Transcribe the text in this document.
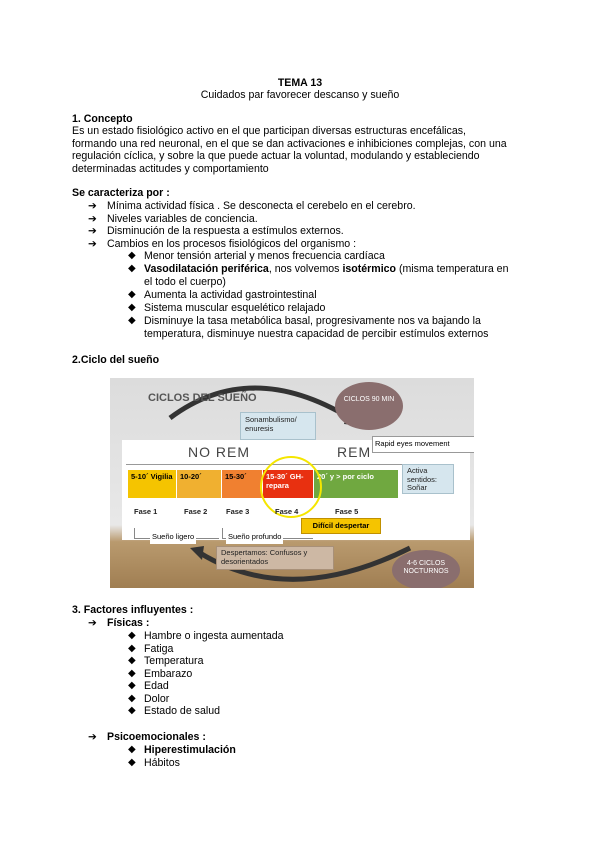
TEMA 13
Cuidados par favorecer descanso y sueño
1. Concepto
Es un estado fisiológico activo en el que participan diversas estructuras encefálicas,
formando una red neuronal, en el que se dan activaciones e inhibiciones complejas, con una
regulación cíclica, y sobre la que puede actuar la voluntad, modulando y estableciendo
determinadas actitudes y comportamiento
Se caracteriza por :
➔ Mínima actividad física . Se desconecta el cerebelo en el cerebro.
➔ Niveles variables de conciencia.
➔ Disminución de la respuesta a estímulos externos.
➔ Cambios en los procesos fisiológicos del organismo :
◆ Menor tensión arterial y menos frecuencia cardíaca
◆ Vasodilatación periférica, nos volvemos isotérmico (misma temperatura en
el todo el cuerpo)
◆ Aumenta la actividad gastrointestinal
◆ Sistema muscular esquelético relajado
◆ Disminuye la tasa metabólica basal, progresivamente nos va bajando la
temperatura, disminuye nuestra capacidad de percibir estímulos externos
2.Ciclo del sueño
CICLOS DEL SUEÑO	CICLOS 90 MIN
Sonambulismo/ enuresis
Rapid eyes movement
NO REM	REM
5-10´ Vigilia 10-20´	15-30´	15-30´ GH- repara
20´ y > por ciclo
Activa sentidos: Soñar
Fase 1	Fase 2 Fase 3	Fase 4	Fase 5
Difícil despertar
Sueño ligero	Sueño profundo
Despertamos: Confusos y desorientados	4-6 CICLOS NOCTURNOS
3. Factores influyentes :
➔ Físicas :
◆ Hambre o ingesta aumentada
◆ Fatiga
◆ Temperatura
◆ Embarazo
◆ Edad
◆ Dolor
◆ Estado de salud
➔ Psicoemocionales :
◆ Hiperestimulación
◆ Hábitos
